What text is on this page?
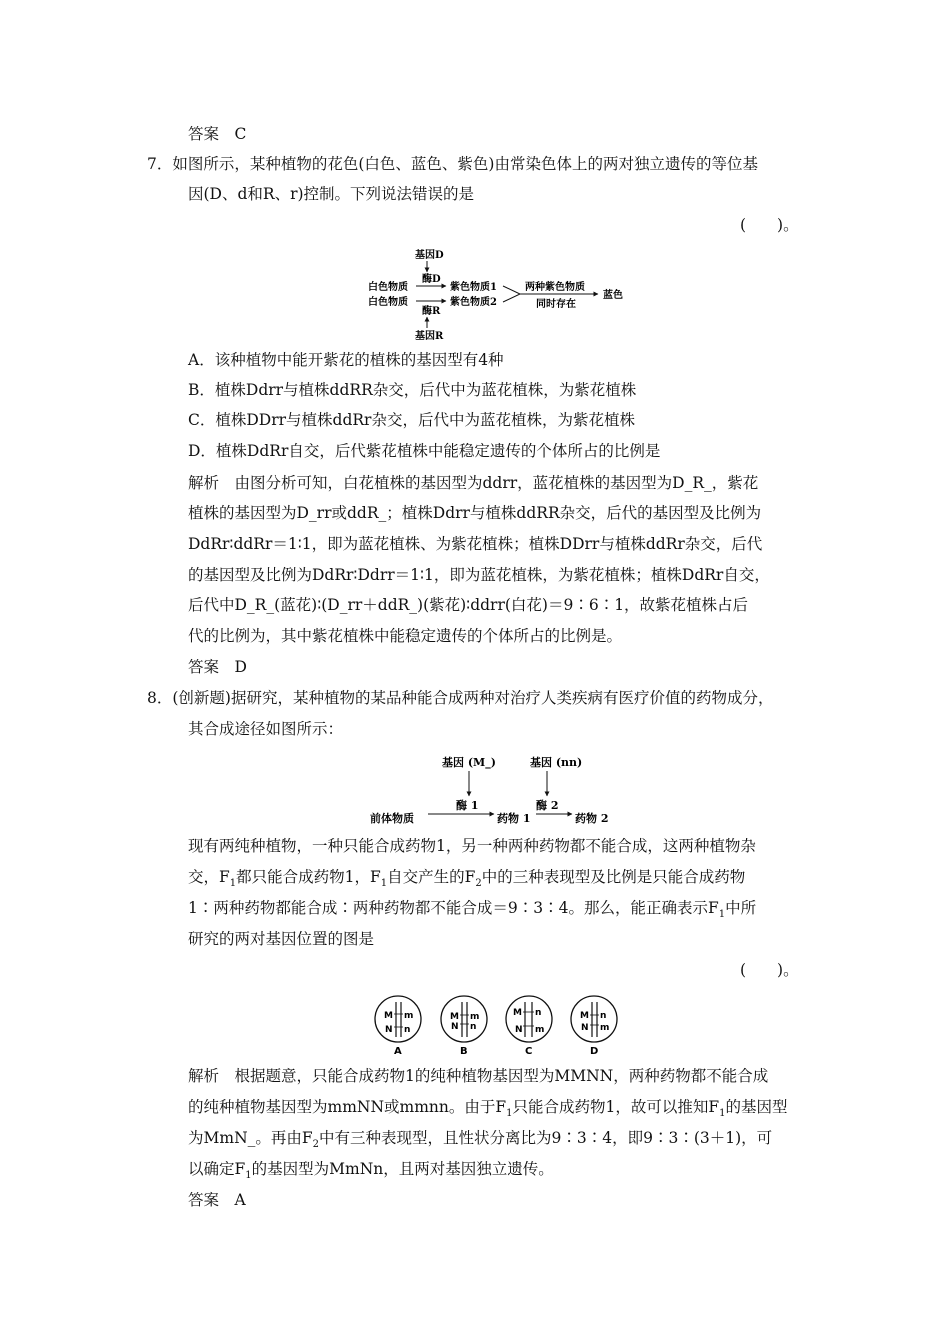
答案　C
7．如图所示，某种植物的花色(白色、蓝色、紫色)由常染色体上的两对独立遗传的等位基
因(D、d和R、r)控制。下列说法错误的是
(　　)。
基因D
酶D
白色物质	紫色物质1
白色物质	紫色物质2
两种紫色物质
同时存在
蓝色
酶R
基因R
A．该种植物中能开紫花的植株的基因型有4种
B．植株Ddrr与植株ddRR杂交，后代中为蓝花植株，为紫花植株
C．植株DDrr与植株ddRr杂交，后代中为蓝花植株，为紫花植株
D．植株DdRr自交，后代紫花植株中能稳定遗传的个体所占的比例是
解析　由图分析可知，白花植株的基因型为ddrr，蓝花植株的基因型为D_R_，紫花
植株的基因型为D_rr或ddR_；植株Ddrr与植株ddRR杂交，后代的基因型及比例为
DdRr∶ddRr＝1∶1，即为蓝花植株、为紫花植株；植株DDrr与植株ddRr杂交，后代
的基因型及比例为DdRr∶Ddrr＝1∶1，即为蓝花植株，为紫花植株；植株DdRr自交，
后代中D_R_(蓝花)∶(D_rr＋ddR_)(紫花)∶ddrr(白花)＝9∶6∶1，故紫花植株占后
代的比例为，其中紫花植株中能稳定遗传的个体所占的比例是。
答案　D
8．(创新题)据研究，某种植物的某品种能合成两种对治疗人类疾病有医疗价值的药物成分，
其合成途径如图所示：
基因 (M_)	基因 (nn)
酶 1	酶 2
前体物质	药物 1	药物 2
现有两纯种植物，一种只能合成药物1，另一种两种药物都不能合成，这两种植物杂
交，$F_1$都只能合成药物1，$F_1$自交产生的$F_2$中的三种表现型及比例是只能合成药物
1∶两种药物都能合成∶两种药物都不能合成＝9∶3∶4。那么，能正确表示$F_1$中所
研究的两对基因位置的图是
(　　)。
M m
N n
A
M m
N n
B
M n
N m
C
M n
N m
D
解析　根据题意，只能合成药物1的纯种植物基因型为MMNN，两种药物都不能合成
的纯种植物基因型为mmNN或mmnn。由于$F_1$只能合成药物1，故可以推知$F_1$的基因型
为MmN_。再由$F_2$中有三种表现型，且性状分离比为9∶3∶4，即9∶3∶(3＋1)，可
以确定$F_1$的基因型为MmNn，且两对基因独立遗传。
答案　A
